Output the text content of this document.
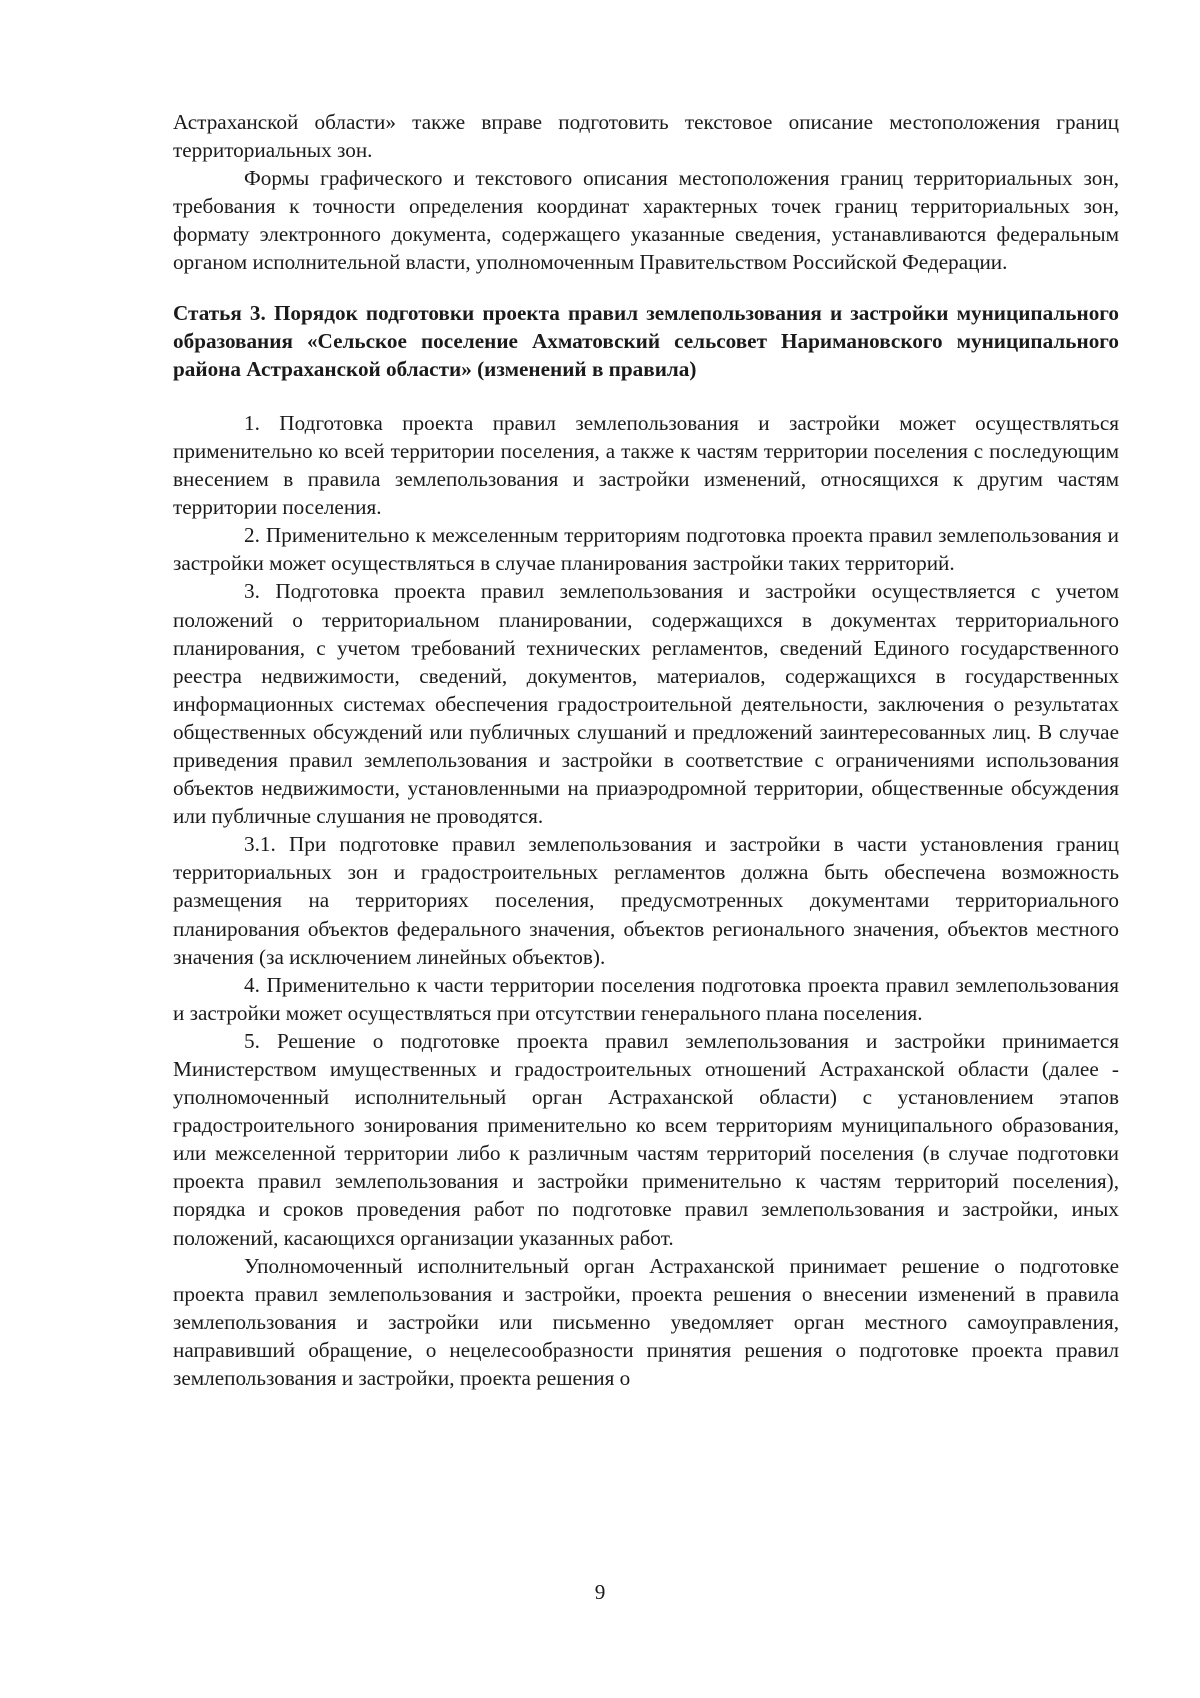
Астраханской области» также вправе подготовить текстовое описание местоположения границ территориальных зон.

Формы графического и текстового описания местоположения границ территориальных зон, требования к точности определения координат характерных точек границ территориальных зон, формату электронного документа, содержащего указанные сведения, устанавливаются федеральным органом исполнительной власти, уполномоченным Правительством Российской Федерации.

Статья 3. Порядок подготовки проекта правил землепользования и застройки муниципального образования «Сельское поселение Ахматовский сельсовет Наримановского муниципального района Астраханской области» (изменений в правила)

1. Подготовка проекта правил землепользования и застройки может осуществляться применительно ко всей территории поселения, а также к частям территории поселения с последующим внесением в правила землепользования и застройки изменений, относящихся к другим частям территории поселения.

2. Применительно к межселенным территориям подготовка проекта правил землепользования и застройки может осуществляться в случае планирования застройки таких территорий.

3. Подготовка проекта правил землепользования и застройки осуществляется с учетом положений о территориальном планировании, содержащихся в документах территориального планирования, с учетом требований технических регламентов, сведений Единого государственного реестра недвижимости, сведений, документов, материалов, содержащихся в государственных информационных системах обеспечения градостроительной деятельности, заключения о результатах общественных обсуждений или публичных слушаний и предложений заинтересованных лиц. В случае приведения правил землепользования и застройки в соответствие с ограничениями использования объектов недвижимости, установленными на приаэродромной территории, общественные обсуждения или публичные слушания не проводятся.

3.1. При подготовке правил землепользования и застройки в части установления границ территориальных зон и градостроительных регламентов должна быть обеспечена возможность размещения на территориях поселения, предусмотренных документами территориального планирования объектов федерального значения, объектов регионального значения, объектов местного значения (за исключением линейных объектов).

4. Применительно к части территории поселения подготовка проекта правил землепользования и застройки может осуществляться при отсутствии генерального плана поселения.

5. Решение о подготовке проекта правил землепользования и застройки принимается Министерством имущественных и градостроительных отношений Астраханской области (далее - уполномоченный исполнительный орган Астраханской области) с установлением этапов градостроительного зонирования применительно ко всем территориям муниципального образования, или межселенной территории либо к различным частям территорий поселения (в случае подготовки проекта правил землепользования и застройки применительно к частям территорий поселения), порядка и сроков проведения работ по подготовке правил землепользования и застройки, иных положений, касающихся организации указанных работ.

Уполномоченный исполнительный орган Астраханской принимает решение о подготовке проекта правил землепользования и застройки, проекта решения о внесении изменений в правила землепользования и застройки или письменно уведомляет орган местного самоуправления, направивший обращение, о нецелесообразности принятия решения о подготовке проекта правил землепользования и застройки, проекта решения о

9
